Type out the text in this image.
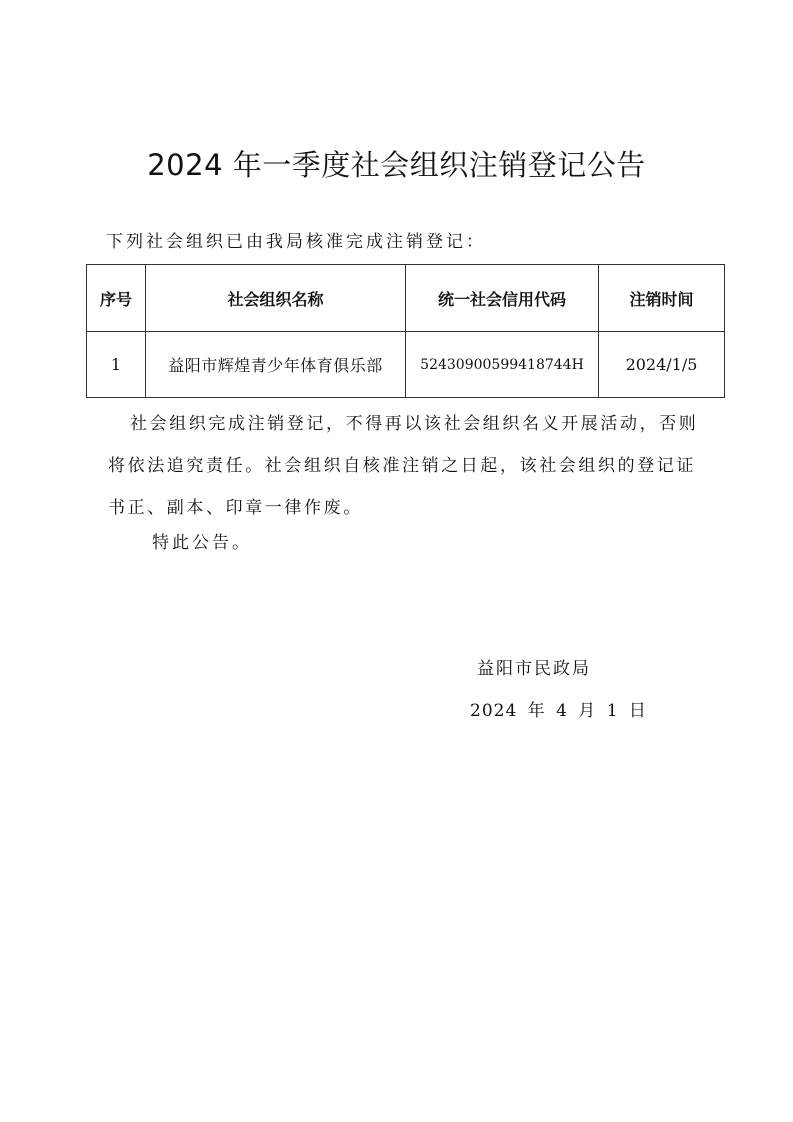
2024 年一季度社会组织注销登记公告

下列社会组织已由我局核准完成注销登记：

序号	社会组织名称	统一社会信用代码	注销时间
1	益阳市辉煌青少年体育俱乐部	52430900599418744H	2024/1/5

社会组织完成注销登记，不得再以该社会组织名义开展活动，否则将依法追究责任。社会组织自核准注销之日起，该社会组织的登记证书正、副本、印章一律作废。

特此公告。

益阳市民政局

2024 年 4 月 1 日
